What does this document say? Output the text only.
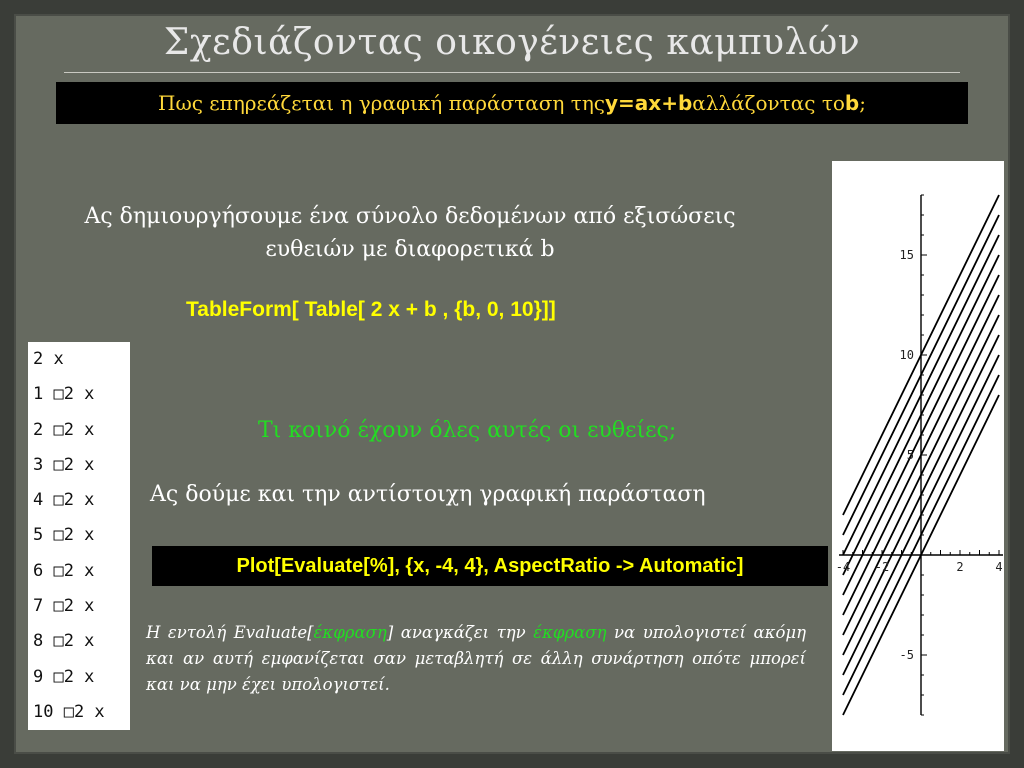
Σχεδιάζοντας οικογένειες καμπυλών
Πως επηρεάζεται η γραφική παράσταση της y=ax+b αλλάζοντας το b ;
Ας δημιουργήσουμε ένα σύνολο δεδομένων από εξισώσεις ευθειών με διαφορετικά b
TableForm[ Table[ 2 x + b , {b, 0, 10}]]
2 x
1 □2 x
2 □2 x
3 □2 x
4 □2 x
5 □2 x
6 □2 x
7 □2 x
8 □2 x
9 □2 x
10 □2 x
Τι κοινό έχουν όλες αυτές οι ευθείες;
Ας δούμε και την αντίστοιχη γραφική παράσταση
Plot[Evaluate[%], {x, -4, 4}, AspectRatio -> Automatic]
Η εντολή Evaluate[έκφραση] αναγκάζει την έκφραση να υπολογιστεί ακόμη και αν αυτή εμφανίζεται σαν μεταβλητή σε άλλη συνάρτηση οπότε μπορεί και να μην έχει υπολογιστεί.
-5
5
10
15
-4 -2	2	4
